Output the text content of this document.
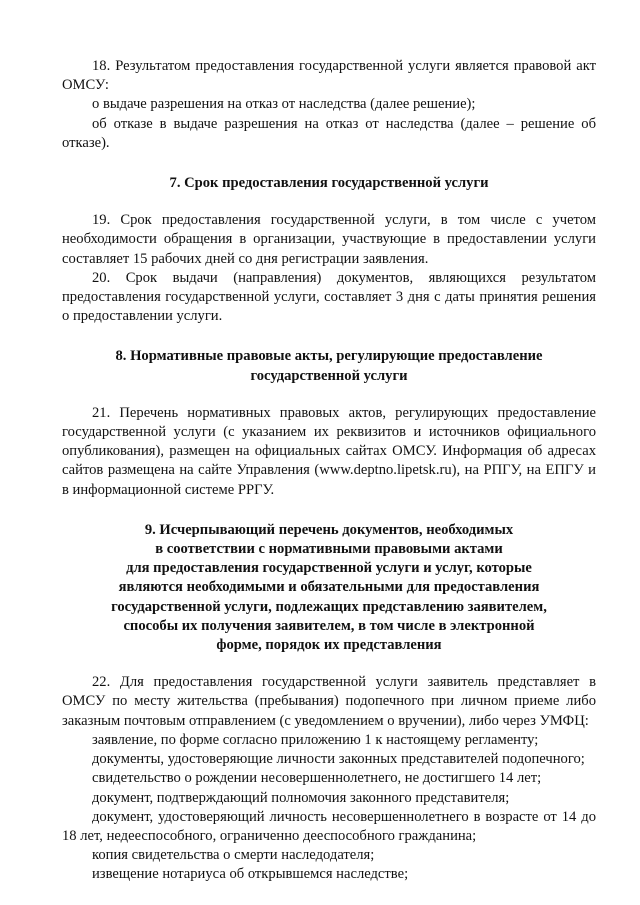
18. Результатом предоставления государственной услуги является правовой акт ОМСУ:

о выдаче разрешения на отказ от наследства (далее решение);

об отказе в выдаче разрешения на отказ от наследства (далее – решение об отказе).

7. Срок предоставления государственной услуги

19. Срок предоставления государственной услуги, в том числе с учетом необходимости обращения в организации, участвующие в предоставлении услуги составляет 15 рабочих дней со дня регистрации заявления.

20. Срок выдачи (направления) документов, являющихся результатом предоставления государственной услуги, составляет 3 дня с даты принятия решения о предоставлении услуги.

8. Нормативные правовые акты, регулирующие предоставление
государственной услуги

21. Перечень нормативных правовых актов, регулирующих предоставление государственной услуги (с указанием их реквизитов и источников официального опубликования), размещен на официальных сайтах ОМСУ. Информация об адресах сайтов размещена на сайте Управления (www.deptno.lipetsk.ru), на РПГУ, на ЕПГУ и в информационной системе РРГУ.

9. Исчерпывающий перечень документов, необходимых
в соответствии с нормативными правовыми актами
для предоставления государственной услуги и услуг, которые
являются необходимыми и обязательными для предоставления
государственной услуги, подлежащих представлению заявителем,
способы их получения заявителем, в том числе в электронной
форме, порядок их представления

22. Для предоставления государственной услуги заявитель представляет в ОМСУ по месту жительства (пребывания) подопечного при личном приеме либо заказным почтовым отправлением (с уведомлением о вручении), либо через УМФЦ:

заявление, по форме согласно приложению 1 к настоящему регламенту;

документы, удостоверяющие личности законных представителей подопечного;

свидетельство о рождении несовершеннолетнего, не достигшего 14 лет;

документ, подтверждающий полномочия законного представителя;

документ, удостоверяющий личность несовершеннолетнего в возрасте от 14 до 18 лет, недееспособного, ограниченно дееспособного гражданина;

копия свидетельства о смерти наследодателя;

извещение нотариуса об открывшемся наследстве;
